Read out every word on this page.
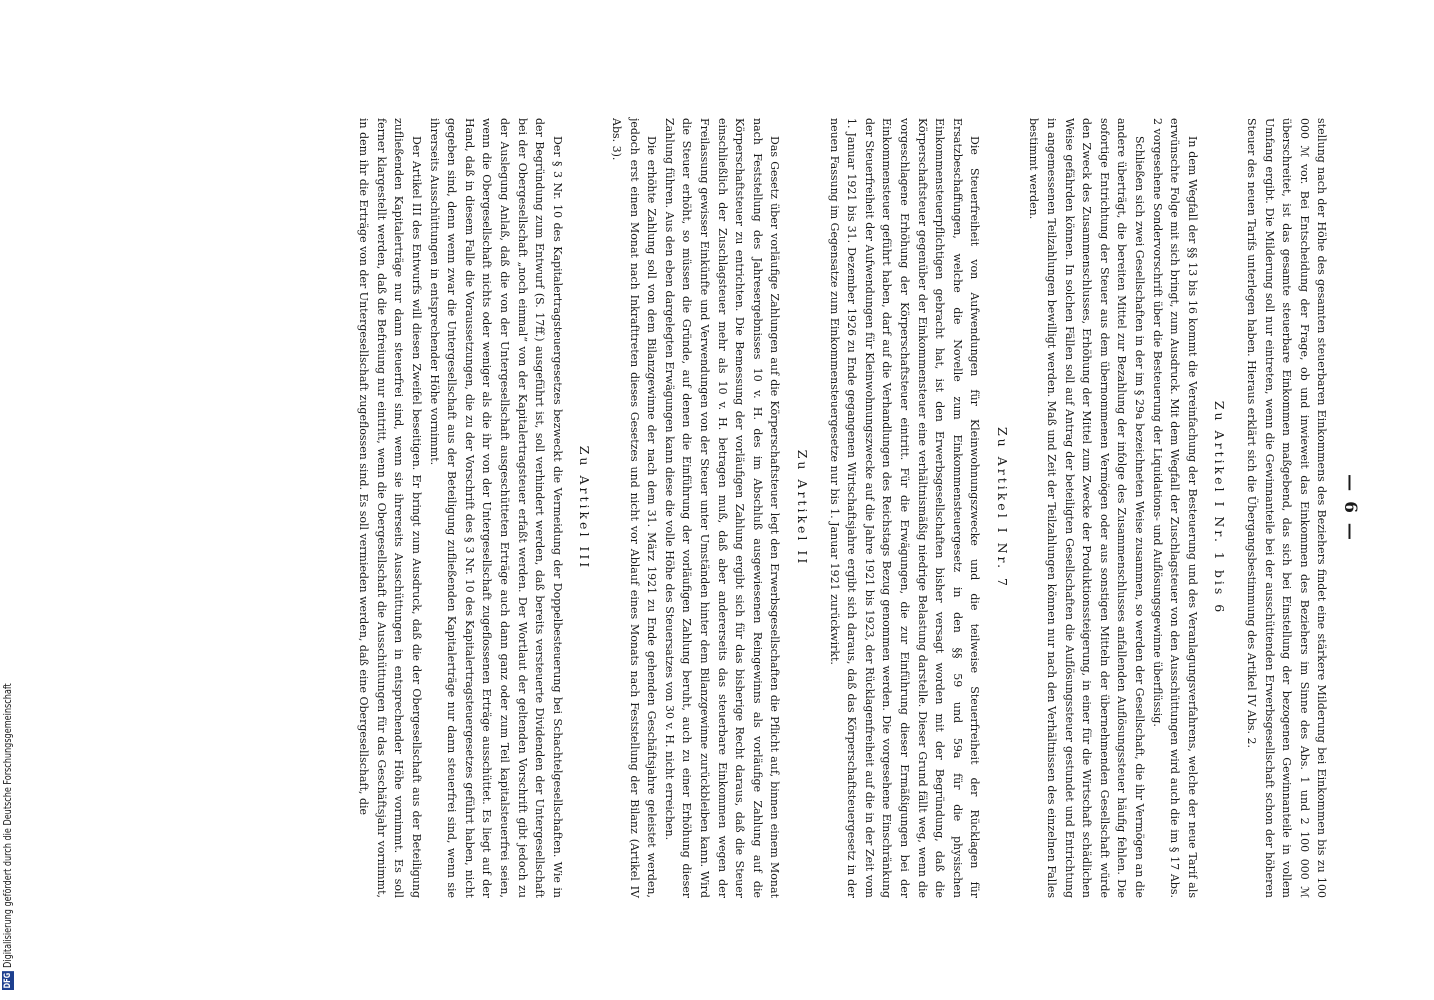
— 6 —

stellung nach der Höhe des gesamten steuerbaren Einkommens des Beziehers findet eine stärkere Milderung bei Einkommen bis zu 100 000 ℳ vor. Bei Entscheidung der Frage, ob und inwieweit das Einkommen des Beziehers im Sinne des Abs. 1 und 2 100 000 ℳ überschreitet, ist das gesamte steuerbare Einkommen maßgebend, das sich bei Einstellung der bezogenen Gewinnanteile in vollem Umfang ergibt. Die Milderung soll nur eintreten, wenn die Gewinnanteile bei der ausschüttenden Erwerbsgesellschaft schon der höheren Steuer des neuen Tarifs unterlegen haben. Hieraus erklärt sich die Übergangsbestimmung des Artikel IV Abs. 2.

Zu Artikel I Nr. 1 bis 6

In dem Wegfall der §§ 13 bis 16 kommt die Vereinfachung der Besteuerung und des Veranlagungsverfahrens, welche der neue Tarif als erwünschte Folge mit sich bringt, zum Ausdruck. Mit dem Wegfall der Zuschlagsteuer von den Ausschüttungen wird auch die im § 17 Abs. 2 vorgesehene Sondervorschrift über die Besteuerung der Liquidations- und Auflösungsgewinne überflüssig.

Schließen sich zwei Gesellschaften in der im § 29a bezeichneten Weise zusammen, so werden der Gesellschaft, die ihr Vermögen an die andere überträgt, die bereiten Mittel zur Bezahlung der infolge des Zusammenschlusses anfallenden Auflösungssteuer häufig fehlen. Die sofortige Entrichtung der Steuer aus dem übernommenen Vermögen oder aus sonstigen Mitteln der übernehmenden Gesellschaft würde den Zweck des Zusammenschlusses, Erhöhung der Mittel zum Zwecke der Produktionssteigerung, in einer für die Wirtschaft schädlichen Weise gefährden können. In solchen Fällen soll auf Antrag der beteiligten Gesellschaften die Auflösungssteuer gestundet und Entrichtung in angemessenen Teilzahlungen bewilligt werden. Maß und Zeit der Teilzahlungen können nur nach den Verhältnissen des einzelnen Falles bestimmt werden.

Zu Artikel I Nr. 7

Die Steuerfreiheit von Aufwendungen für Kleinwohnungszwecke und die teilweise Steuerfreiheit der Rücklagen für Ersatzbeschaffungen, welche die Novelle zum Einkommensteuergesetz in den §§ 59 und 59a für die physischen Einkommensteuerpflichtigen gebracht hat, ist den Erwerbsgesellschaften bisher versagt worden mit der Begründung, daß die Körperschaftsteuer gegenüber der Einkommensteuer eine verhältnismäßig niedrige Belastung darstelle. Dieser Grund fällt weg, wenn die vorgeschlagene Erhöhung der Körperschaftsteuer eintritt. Für die Erwägungen, die zur Einführung dieser Ermäßigungen bei der Einkommensteuer geführt haben, darf auf die Verhandlungen des Reichstags Bezug genommen werden. Die vorgesehene Einschränkung der Steuerfreiheit der Aufwendungen für Kleinwohnungszwecke auf die Jahre 1921 bis 1923, der Rücklagenfreiheit auf die in der Zeit vom 1. Januar 1921 bis 31. Dezember 1926 zu Ende gegangenen Wirtschaftsjahre ergibt sich daraus, daß das Körperschaftsteuergesetz in der neuen Fassung im Gegensatze zum Einkommensteuergesetze nur bis 1. Januar 1921 zurückwirkt.

Zu Artikel II

Das Gesetz über vorläufige Zahlungen auf die Körperschaftsteuer legt den Erwerbsgesellschaften die Pflicht auf, binnen einem Monat nach Feststellung des Jahresergebnisses 10 v. H. des im Abschluß ausgewiesenen Reingewinns als vorläufige Zahlung auf die Körperschaftsteuer zu entrichten. Die Bemessung der vorläufigen Zahlung ergibt sich für das bisherige Recht daraus, daß die Steuer einschließlich der Zuschlagsteuer mehr als 10 v. H. betragen muß, daß aber andererseits das steuerbare Einkommen wegen der Freilassung gewisser Einkünfte und Verwendungen von der Steuer unter Umständen hinter dem Bilanzgewinne zurückbleiben kann. Wird die Steuer erhöht, so müssen die Gründe, auf denen die Einführung der vorläufigen Zahlung beruht, auch zu einer Erhöhung dieser Zahlung führen. Aus den eben dargelegten Erwägungen kann diese die volle Höhe des Steuersatzes von 30 v. H. nicht erreichen.

Die erhöhte Zahlung soll von dem Bilanzgewinne der nach dem 31. März 1921 zu Ende gehenden Geschäftsjahre geleistet werden, jedoch erst einen Monat nach Inkrafttreten dieses Gesetzes und nicht vor Ablauf eines Monats nach Feststellung der Bilanz (Artikel IV Abs. 3).

Zu Artikel III

Der § 3 Nr. 10 des Kapitalertragsteuergesetzes bezweckt die Vermeidung der Doppelbesteuerung bei Schachtelgesellschaften. Wie in der Begründung zum Entwurf (S. 17ff.) ausgeführt ist, soll verhindert werden, daß bereits versteuerte Dividenden der Untergesellschaft bei der Obergesellschaft „noch einmal“ von der Kapitalertragsteuer erfaßt werden. Der Wortlaut der geltenden Vorschrift gibt jedoch zu der Auslegung Anlaß, daß die von der Untergesellschaft ausgeschütteten Erträge auch dann ganz oder zum Teil kapitalsteuerfrei seien, wenn die Obergesellschaft nichts oder weniger als die ihr von der Untergesellschaft zugeflossenen Erträge ausschüttet. Es liegt auf der Hand, daß in diesem Falle die Voraussetzungen, die zu der Vorschrift des § 3 Nr. 10 des Kapitalertragsteuergesetzes geführt haben, nicht gegeben sind, denn wenn zwar die Untergesellschaft aus der Beteiligung zufließenden Kapitalerträge nur dann steuerfrei sind, wenn sie ihrerseits Ausschüttungen in entsprechender Höhe vornimmt.

Der Artikel III des Entwurfs will diesen Zweifel beseitigen. Er bringt zum Ausdruck, daß die der Obergesellschaft aus der Beteiligung zufließenden Kapitalerträge nur dann steuerfrei sind, wenn sie ihrerseits Ausschüttungen in entsprechender Höhe vornimmt. Es soll ferner klargestellt werden, daß die Befreiung nur eintritt, wenn die Obergesellschaft die Ausschüttungen für das Geschäftsjahr vornimmt, in dem ihr die Erträge von der Untergesellschaft zugeflossen sind. Es soll vermieden werden, daß eine Obergesellschaft, die

DFG
Digitalisierung gefördert durch die Deutsche Forschungsgemeinschaft
